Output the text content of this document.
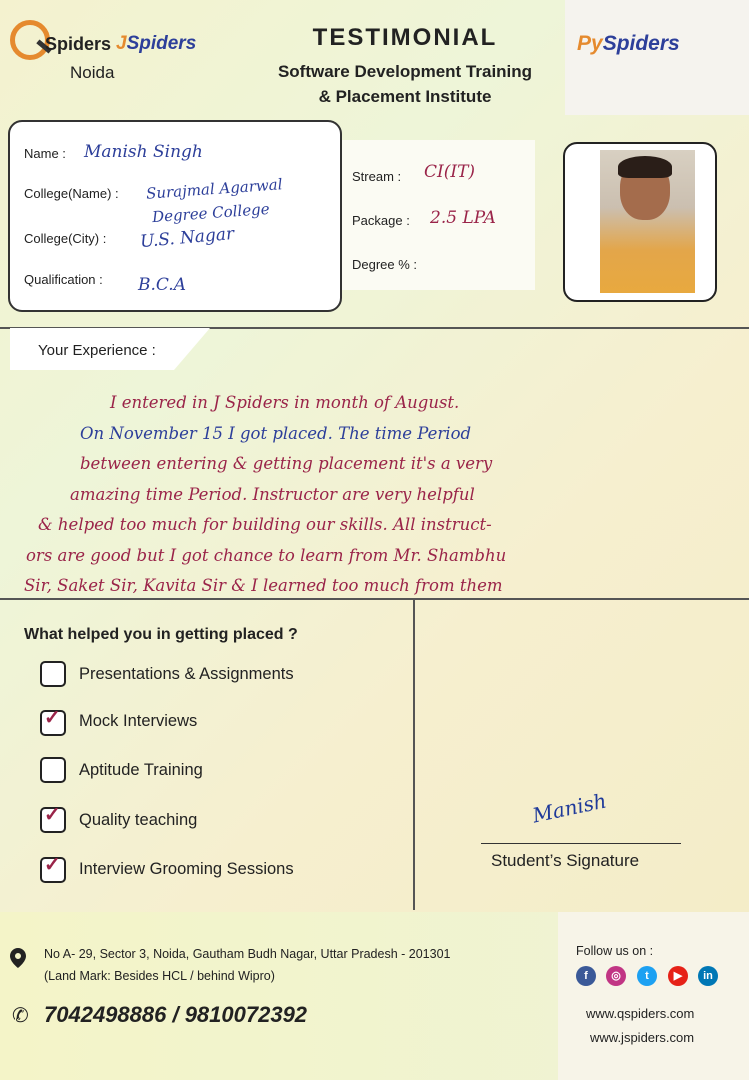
Spiders JSpiders
Noida
TESTIMONIAL
Software Development Training
& Placement Institute
PySpiders
Name : Manish Singh
College(Name) : Surajmal Agarwal
Degree College
College(City) : U.S. Nagar
Qualification : B.C.A
Stream : CI(IT)
Package : 2.5 LPA
Degree % :
Your Experience :
I entered in J Spiders in month of August.
On November 15 I got placed. The time Period
between entering & getting placement it's a very
amazing time Period. Instructor are very helpful
& helped too much for building our skills. All instruct-
ors are good but I got chance to learn from Mr. Shambhu
Sir, Saket Sir, Kavita Sir & I learned too much from them
What helped you in getting placed ?
Presentations & Assignments
✓ Mock Interviews
Aptitude Training
✓ Quality teaching
✓ Interview Grooming Sessions
Manish
Student’s Signature
No A- 29, Sector 3, Noida, Gautham Budh Nagar, Uttar Pradesh - 201301
(Land Mark: Besides HCL / behind Wipro)
✆ 7042498886 / 9810072392
Follow us on :
f	◎	t	▶	in
www.qspiders.com
www.jspiders.com
